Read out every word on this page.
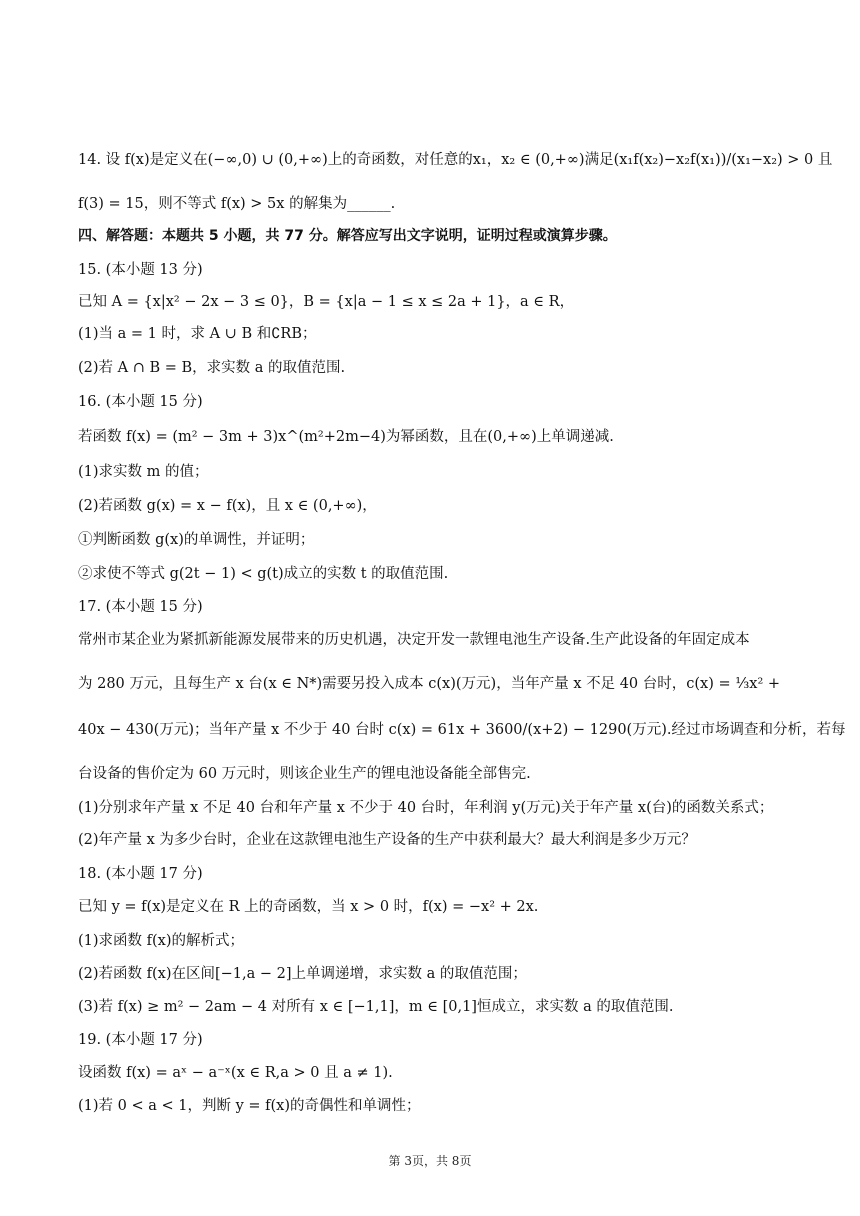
14. 设 f(x)是定义在(−∞,0) ∪ (0,+∞)上的奇函数，对任意的x₁，x₂ ∈ (0,+∞)满足(x₁f(x₂)−x₂f(x₁))/(x₁−x₂) > 0 且
f(3) = 15，则不等式 f(x) > 5x 的解集为______.
四、解答题：本题共 5 小题，共 77 分。解答应写出文字说明，证明过程或演算步骤。
15. (本小题 13 分)
已知 A = {x|x² − 2x − 3 ≤ 0}，B = {x|a − 1 ≤ x ≤ 2a + 1}，a ∈ R，
(1)当 a = 1 时，求 A ∪ B 和∁RB；
(2)若 A ∩ B = B，求实数 a 的取值范围.
16. (本小题 15 分)
若函数 f(x) = (m² − 3m + 3)x^(m²+2m−4)为幂函数，且在(0,+∞)上单调递减.
(1)求实数 m 的值；
(2)若函数 g(x) = x − f(x)，且 x ∈ (0,+∞)，
①判断函数 g(x)的单调性，并证明；
②求使不等式 g(2t − 1) < g(t)成立的实数 t 的取值范围.
17. (本小题 15 分)
常州市某企业为紧抓新能源发展带来的历史机遇，决定开发一款锂电池生产设备.生产此设备的年固定成本
为 280 万元，且每生产 x 台(x ∈ N*)需要另投入成本 c(x)(万元)，当年产量 x 不足 40 台时，c(x) = ⅓x² +
40x − 430(万元)；当年产量 x 不少于 40 台时 c(x) = 61x + 3600/(x+2) − 1290(万元).经过市场调查和分析，若每
台设备的售价定为 60 万元时，则该企业生产的锂电池设备能全部售完.
(1)分别求年产量 x 不足 40 台和年产量 x 不少于 40 台时，年利润 y(万元)关于年产量 x(台)的函数关系式；
(2)年产量 x 为多少台时，企业在这款锂电池生产设备的生产中获利最大？最大利润是多少万元？
18. (本小题 17 分)
已知 y = f(x)是定义在 R 上的奇函数，当 x > 0 时，f(x) = −x² + 2x.
(1)求函数 f(x)的解析式；
(2)若函数 f(x)在区间[−1,a − 2]上单调递增，求实数 a 的取值范围；
(3)若 f(x) ≥ m² − 2am − 4 对所有 x ∈ [−1,1]，m ∈ [0,1]恒成立，求实数 a 的取值范围.
19. (本小题 17 分)
设函数 f(x) = aˣ − a⁻ˣ(x ∈ R,a > 0 且 a ≠ 1).
(1)若 0 < a < 1，判断 y = f(x)的奇偶性和单调性；
第 3页，共 8页
